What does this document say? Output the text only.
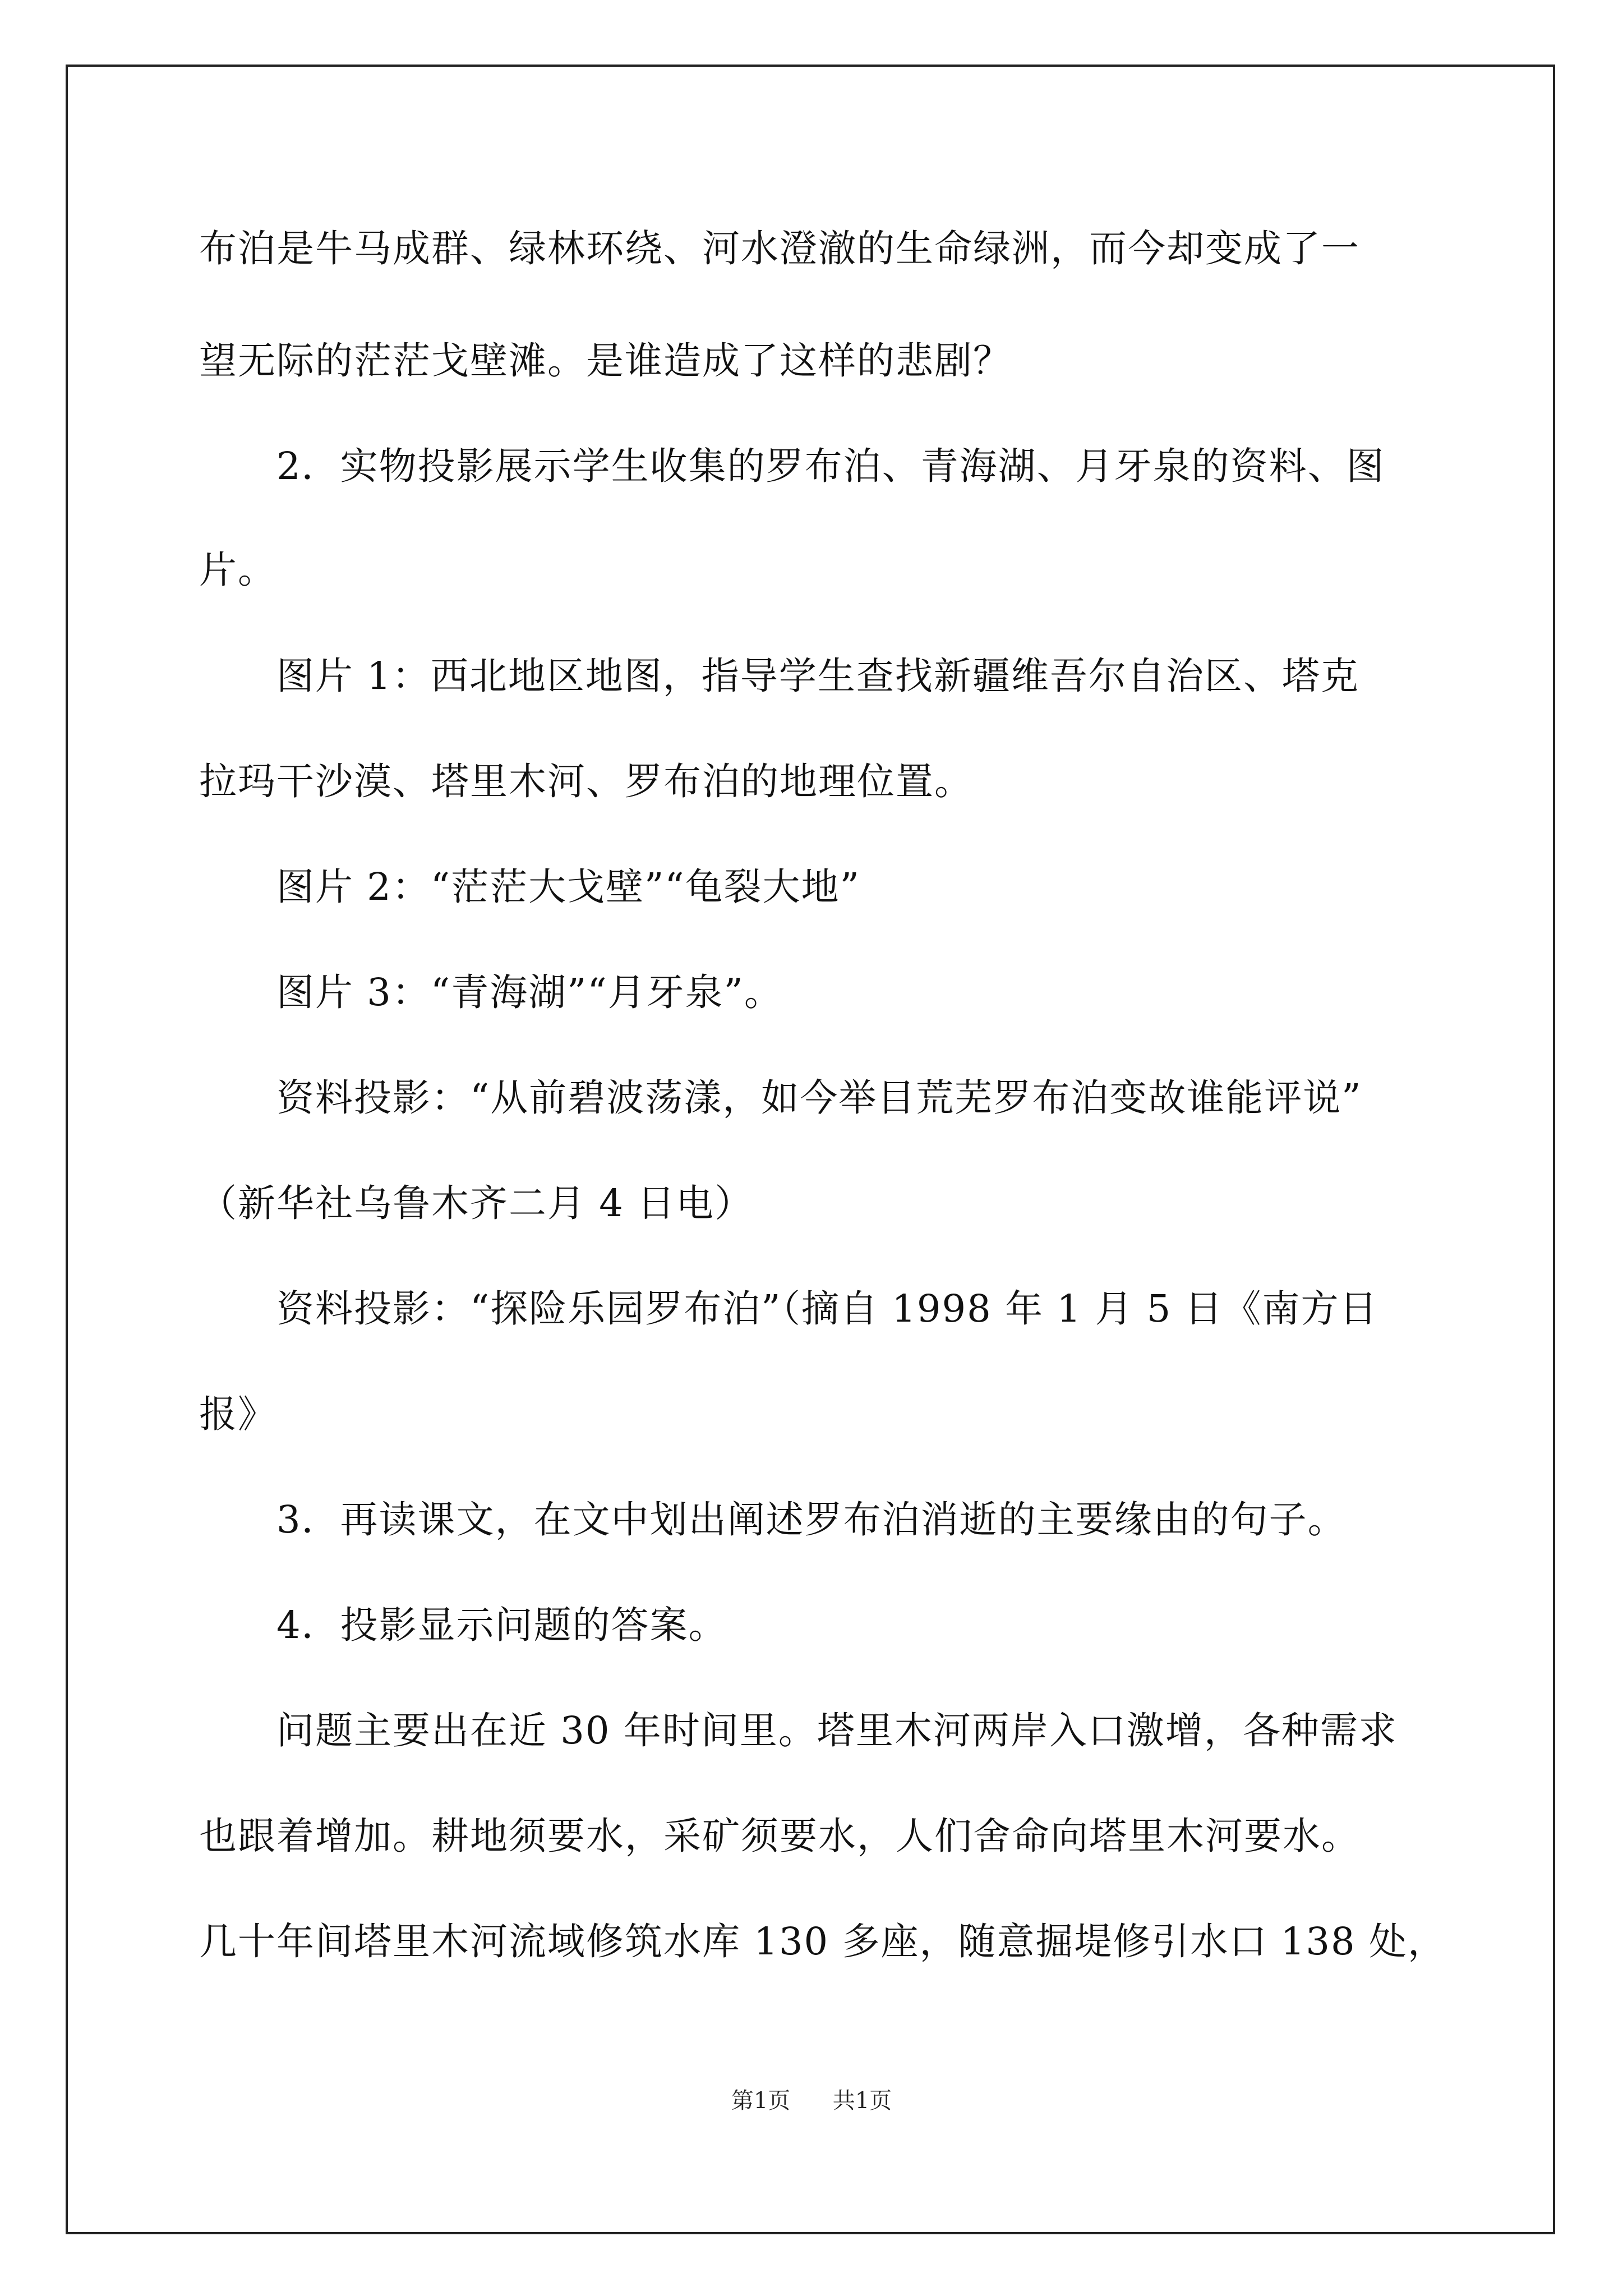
布泊是牛马成群、绿林环绕、河水澄澈的生命绿洲，而今却变成了一
望无际的茫茫戈壁滩。是谁造成了这样的悲剧？
　　2．实物投影展示学生收集的罗布泊、青海湖、月牙泉的资料、图
片。
　　图片 1：西北地区地图，指导学生查找新疆维吾尔自治区、塔克
拉玛干沙漠、塔里木河、罗布泊的地理位置。
　　图片 2：“茫茫大戈壁”“龟裂大地”
　　图片 3：“青海湖”“月牙泉”。
　　资料投影：“从前碧波荡漾，如今举目荒芜罗布泊变故谁能评说”
（新华社乌鲁木齐二月 4 日电）
　　资料投影：“探险乐园罗布泊”（摘自 1998 年 1 月 5 日《南方日
报》
　　3．再读课文，在文中划出阐述罗布泊消逝的主要缘由的句子。
　　4．投影显示问题的答案。
　　问题主要出在近 30 年时间里。塔里木河两岸入口激增，各种需求
也跟着增加。耕地须要水，采矿须要水，人们舍命向塔里木河要水。
几十年间塔里木河流域修筑水库 130 多座，随意掘堤修引水口 138 处，
第1页 共1页
